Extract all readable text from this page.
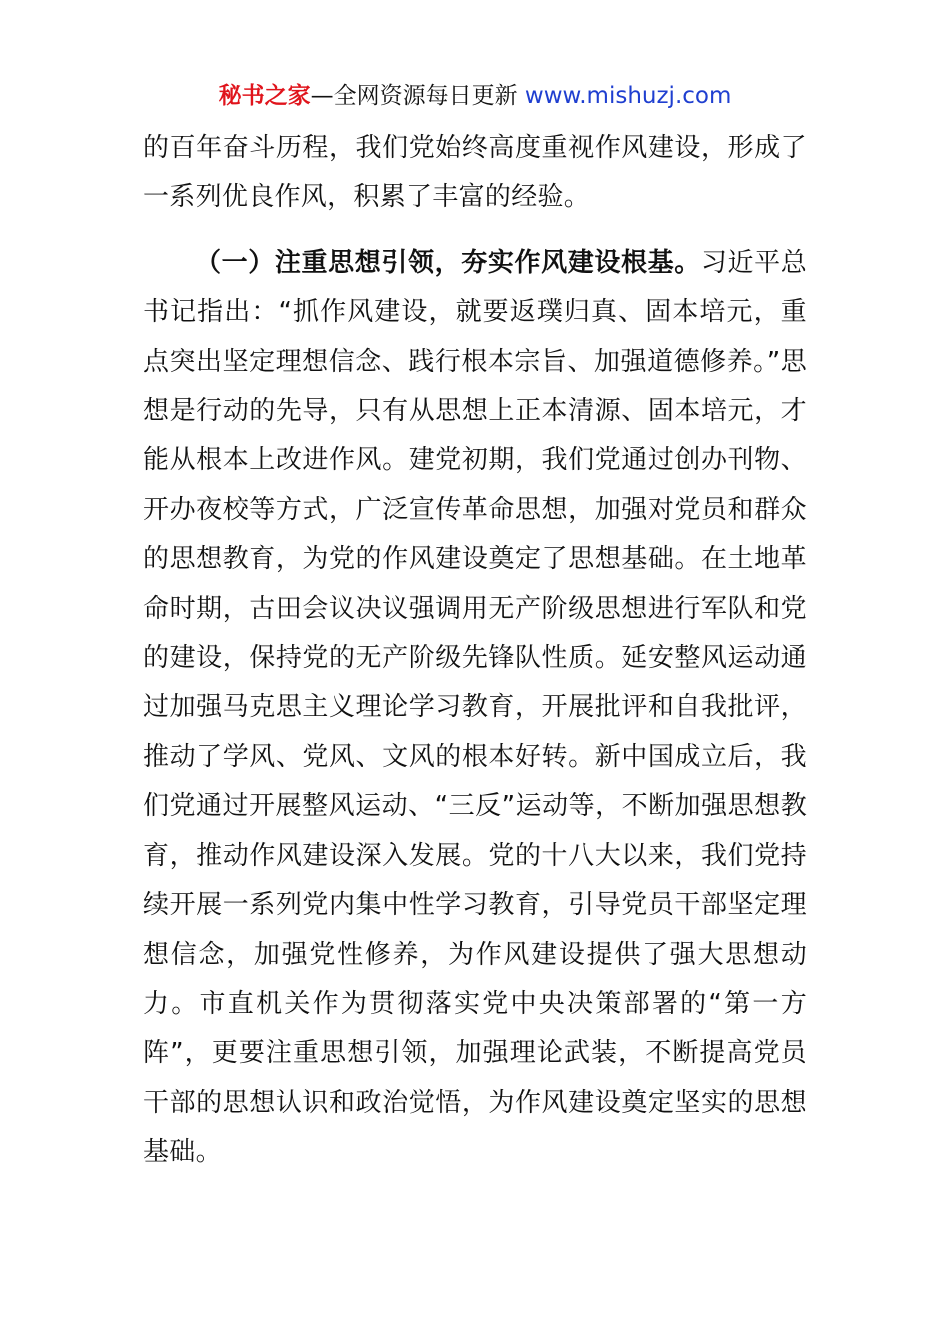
秘书之家—全网资源每日更新 www.mishuzj.com

的百年奋斗历程，我们党始终高度重视作风建设，形成了一系列优良作风，积累了丰富的经验。

（一）注重思想引领，夯实作风建设根基。习近平总书记指出：“抓作风建设，就要返璞归真、固本培元，重点突出坚定理想信念、践行根本宗旨、加强道德修养。”思想是行动的先导，只有从思想上正本清源、固本培元，才能从根本上改进作风。建党初期，我们党通过创办刊物、开办夜校等方式，广泛宣传革命思想，加强对党员和群众的思想教育，为党的作风建设奠定了思想基础。在土地革命时期，古田会议决议强调用无产阶级思想进行军队和党的建设，保持党的无产阶级先锋队性质。延安整风运动通过加强马克思主义理论学习教育，开展批评和自我批评，推动了学风、党风、文风的根本好转。新中国成立后，我们党通过开展整风运动、“三反”运动等，不断加强思想教育，推动作风建设深入发展。党的十八大以来，我们党持续开展一系列党内集中性学习教育，引导党员干部坚定理想信念，加强党性修养，为作风建设提供了强大思想动力。市直机关作为贯彻落实党中央决策部署的“第一方阵”，更要注重思想引领，加强理论武装，不断提高党员干部的思想认识和政治觉悟，为作风建设奠定坚实的思想基础。
